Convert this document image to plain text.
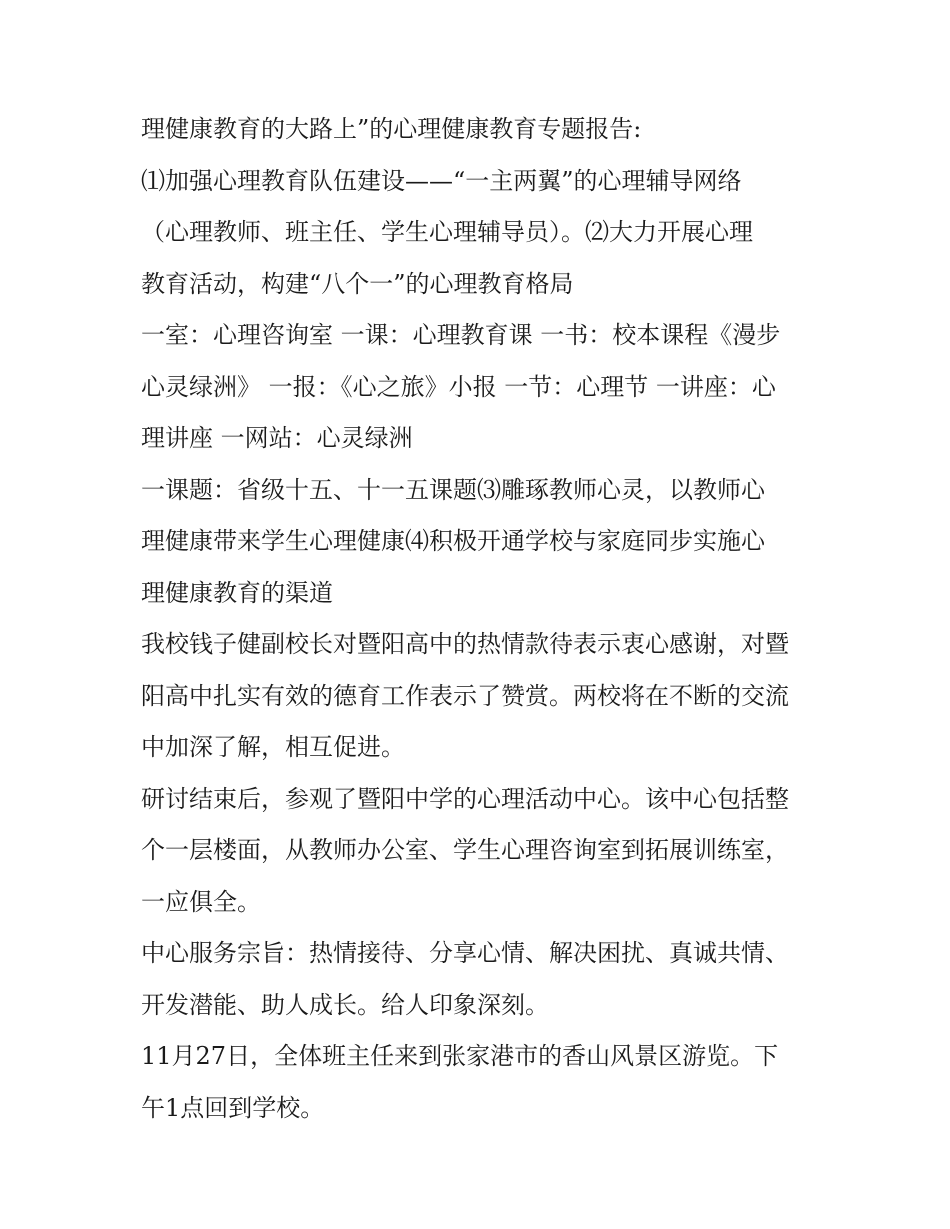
理健康教育的大路上”的心理健康教育专题报告:
⑴加强心理教育队伍建设——“一主两翼”的心理辅导网络
（心理教师、班主任、学生心理辅导员）。⑵大力开展心理
教育活动，构建“八个一”的心理教育格局
一室：心理咨询室 一课：心理教育课 一书：校本课程《漫步
心灵绿洲》 一报：《心之旅》小报 一节：心理节 一讲座：心
理讲座 一网站：心灵绿洲
一课题：省级十五、十一五课题⑶雕琢教师心灵，以教师心
理健康带来学生心理健康⑷积极开通学校与家庭同步实施心
理健康教育的渠道
我校钱子健副校长对暨阳高中的热情款待表示衷心感谢，对暨
阳高中扎实有效的德育工作表示了赞赏。两校将在不断的交流
中加深了解，相互促进。
研讨结束后，参观了暨阳中学的心理活动中心。该中心包括整
个一层楼面，从教师办公室、学生心理咨询室到拓展训练室，
一应俱全。
中心服务宗旨：热情接待、分享心情、解决困扰、真诚共情、
开发潜能、助人成长。给人印象深刻。
11月27日，全体班主任来到张家港市的香山风景区游览。下
午1点回到学校。
